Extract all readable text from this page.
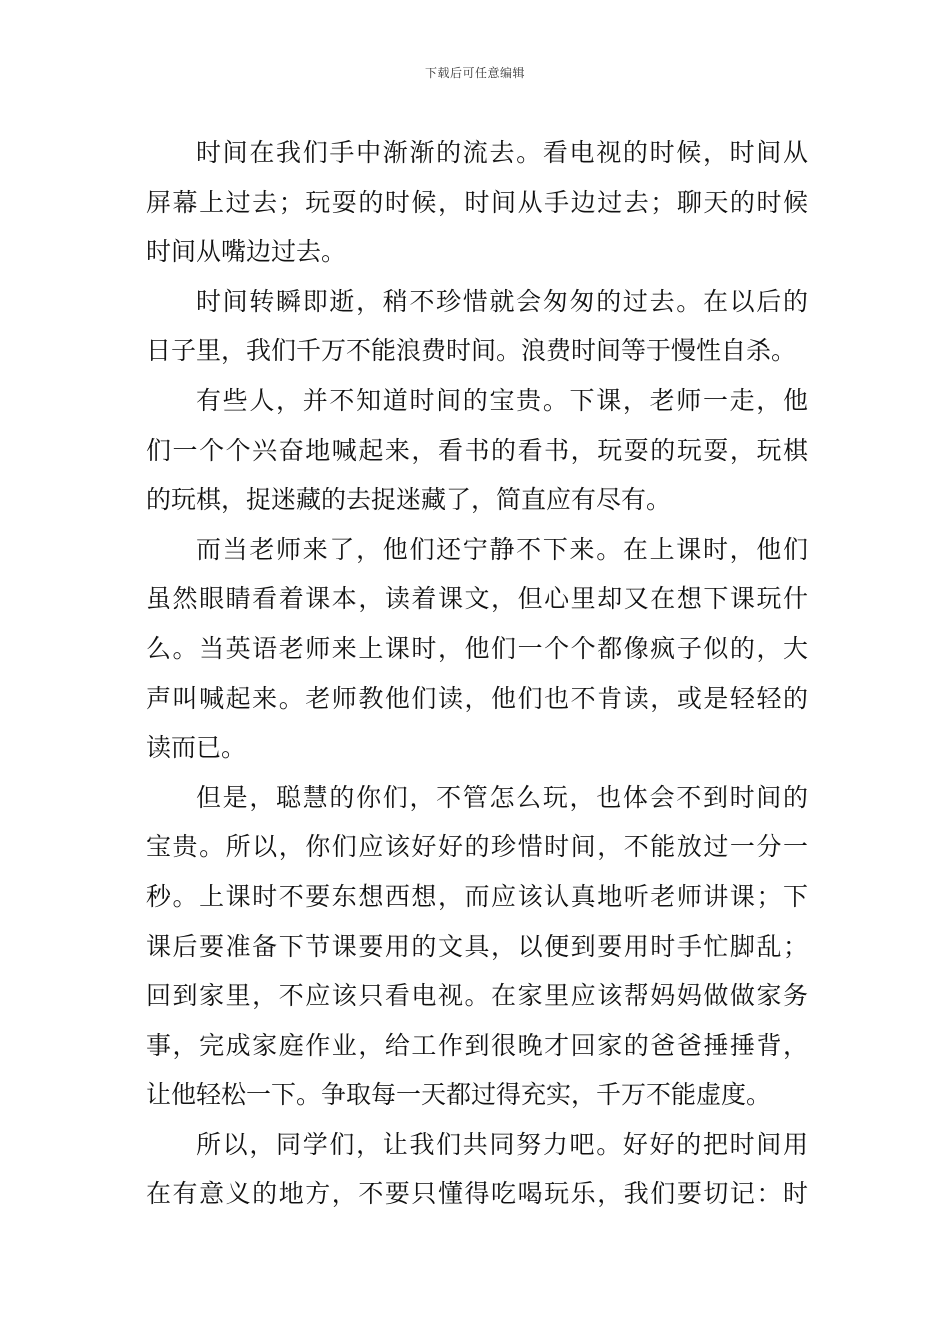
下载后可任意编辑
时间在我们手中渐渐的流去。看电视的时候，时间从
屏幕上过去；玩耍的时候，时间从手边过去；聊天的时候
时间从嘴边过去。
时间转瞬即逝，稍不珍惜就会匆匆的过去。在以后的
日子里，我们千万不能浪费时间。浪费时间等于慢性自杀。
有些人，并不知道时间的宝贵。下课，老师一走，他
们一个个兴奋地喊起来，看书的看书，玩耍的玩耍，玩棋
的玩棋，捉迷藏的去捉迷藏了，简直应有尽有。
而当老师来了，他们还宁静不下来。在上课时，他们
虽然眼睛看着课本，读着课文，但心里却又在想下课玩什
么。当英语老师来上课时，他们一个个都像疯子似的，大
声叫喊起来。老师教他们读，他们也不肯读，或是轻轻的
读而已。
但是，聪慧的你们，不管怎么玩，也体会不到时间的
宝贵。所以，你们应该好好的珍惜时间，不能放过一分一
秒。上课时不要东想西想，而应该认真地听老师讲课；下
课后要准备下节课要用的文具，以便到要用时手忙脚乱；
回到家里，不应该只看电视。在家里应该帮妈妈做做家务
事，完成家庭作业，给工作到很晚才回家的爸爸捶捶背，
让他轻松一下。争取每一天都过得充实，千万不能虚度。
所以，同学们，让我们共同努力吧。好好的把时间用
在有意义的地方，不要只懂得吃喝玩乐，我们要切记：时
